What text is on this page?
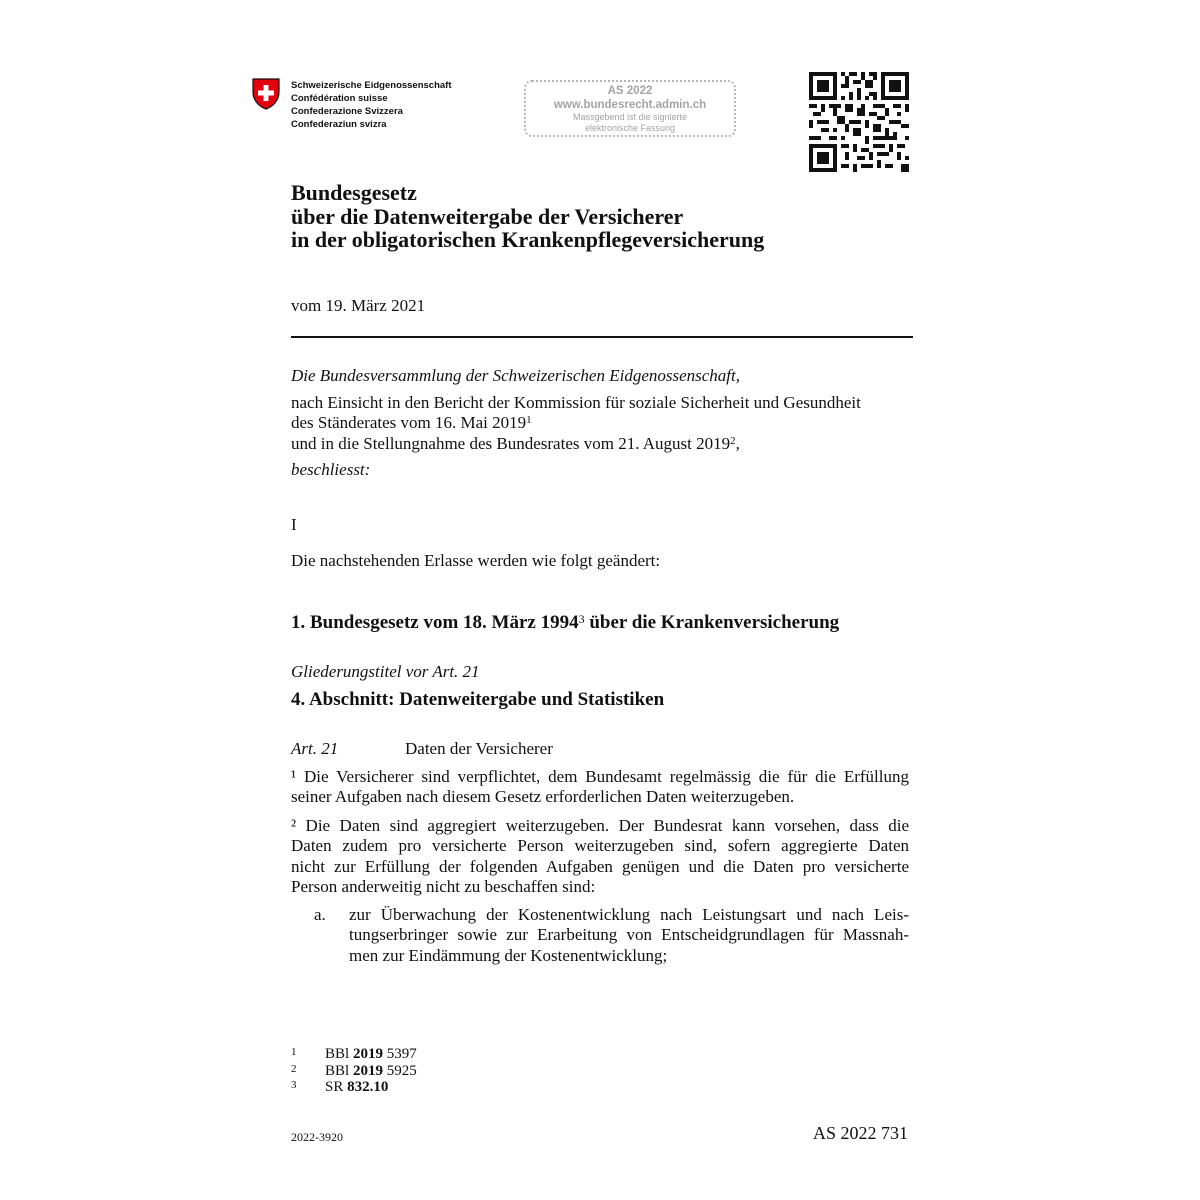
Schweizerische Eidgenossenschaft
Confédération suisse
Confederazione Svizzera
Confederaziun svizra
AS 2022
www.bundesrecht.admin.ch
Massgebend ist die signierte
elektronische Fassung
Bundesgesetz
über die Datenweitergabe der Versicherer
in der obligatorischen Krankenpflegeversicherung
vom 19. März 2021
Die Bundesversammlung der Schweizerischen Eidgenossenschaft,
nach Einsicht in den Bericht der Kommission für soziale Sicherheit und Gesundheit
des Ständerates vom 16. Mai 2019$^1$
und in die Stellungnahme des Bundesrates vom 21. August 2019$^2$,
beschliesst:
I
Die nachstehenden Erlasse werden wie folgt geändert:
1. Bundesgesetz vom 18. März 1994$^3$ über die Krankenversicherung
Gliederungstitel vor Art. 21
4. Abschnitt: Datenweitergabe und Statistiken
Art. 21	Daten der Versicherer
¹ Die Versicherer sind verpflichtet, dem Bundesamt regelmässig die für die Erfüllung
seiner Aufgaben nach diesem Gesetz erforderlichen Daten weiterzugeben.
² Die Daten sind aggregiert weiterzugeben. Der Bundesrat kann vorsehen, dass die
Daten zudem pro versicherte Person weiterzugeben sind, sofern aggregierte Daten
nicht zur Erfüllung der folgenden Aufgaben genügen und die Daten pro versicherte
Person anderweitig nicht zu beschaffen sind:
a. zur Überwachung der Kostenentwicklung nach Leistungsart und nach Leis-
tungserbringer sowie zur Erarbeitung von Entscheidgrundlagen für Massnah-
men zur Eindämmung der Kostenentwicklung;
1	BBl 2019 5397
2	BBl 2019 5925
3	SR 832.10
2022-3920	AS 2022 731
